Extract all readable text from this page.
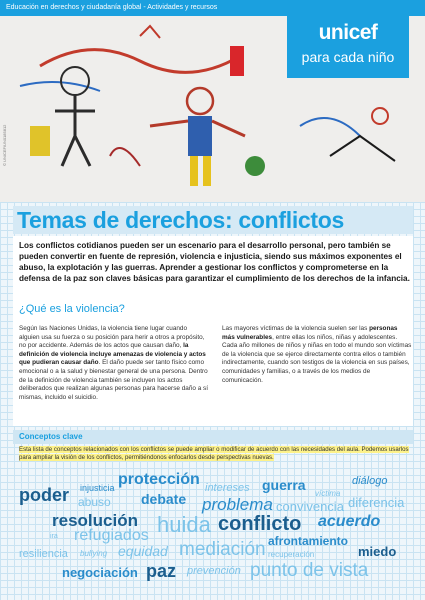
Educación en derechos y ciudadanía global - Actividades y recursos
© UNICEF/UN0185812
unicef
para cada niño
Temas de derechos: conflictos
Los conflictos cotidianos pueden ser un escenario para el desarrollo personal, pero también se pueden convertir en fuente de represión, violencia e injusticia, siendo sus máximos exponentes el abuso, la explotación y las guerras. Aprender a gestionar los conflictos y comprometerse en la defensa de la paz son claves básicas para garantizar el cumplimiento de los derechos de la infancia.
¿Qué es la violencia?
Según las Naciones Unidas, la violencia tiene lugar cuando alguien usa su fuerza o su posición para herir a otros a propósito, no por accidente. Además de los actos que causan daño, la definición de violencia incluye amenazas de violencia y actos que pudieran causar daño. El daño puede ser tanto físico como emocional o a la salud y bienestar general de una persona. Dentro de la definición de violencia también se incluyen los actos deliberados que realizan algunas personas para hacerse daño a sí mismas, incluido el suicidio.
Las mayores víctimas de la violencia suelen ser las personas más vulnerables, entre ellas los niños, niñas y adolescentes. Cada año millones de niños y niñas en todo el mundo son víctimas de la violencia que se ejerce directamente contra ellos o también indirectamente, cuando son testigos de la violencia en sus países, comunidades y familias, o a través de los medios de comunicación.
Conceptos clave
Esta lista de conceptos relacionados con los conflictos se puede ampliar o modificar de acuerdo con las necesidades del aula. Podemos usarlos para ampliar la visión de los conflictos, permitiéndonos enfocarlos desde perspectivas nuevas.
protección
poder injusticia	intereses guerra	diálogo
abuso debate problema convivencia
víctima
diferencia
resolución huida conflicto acuerdo
ira refugiados	afrontamiento
resiliencia bullying equidad mediación recuperación	miedo
negociación paz prevención punto de vista
